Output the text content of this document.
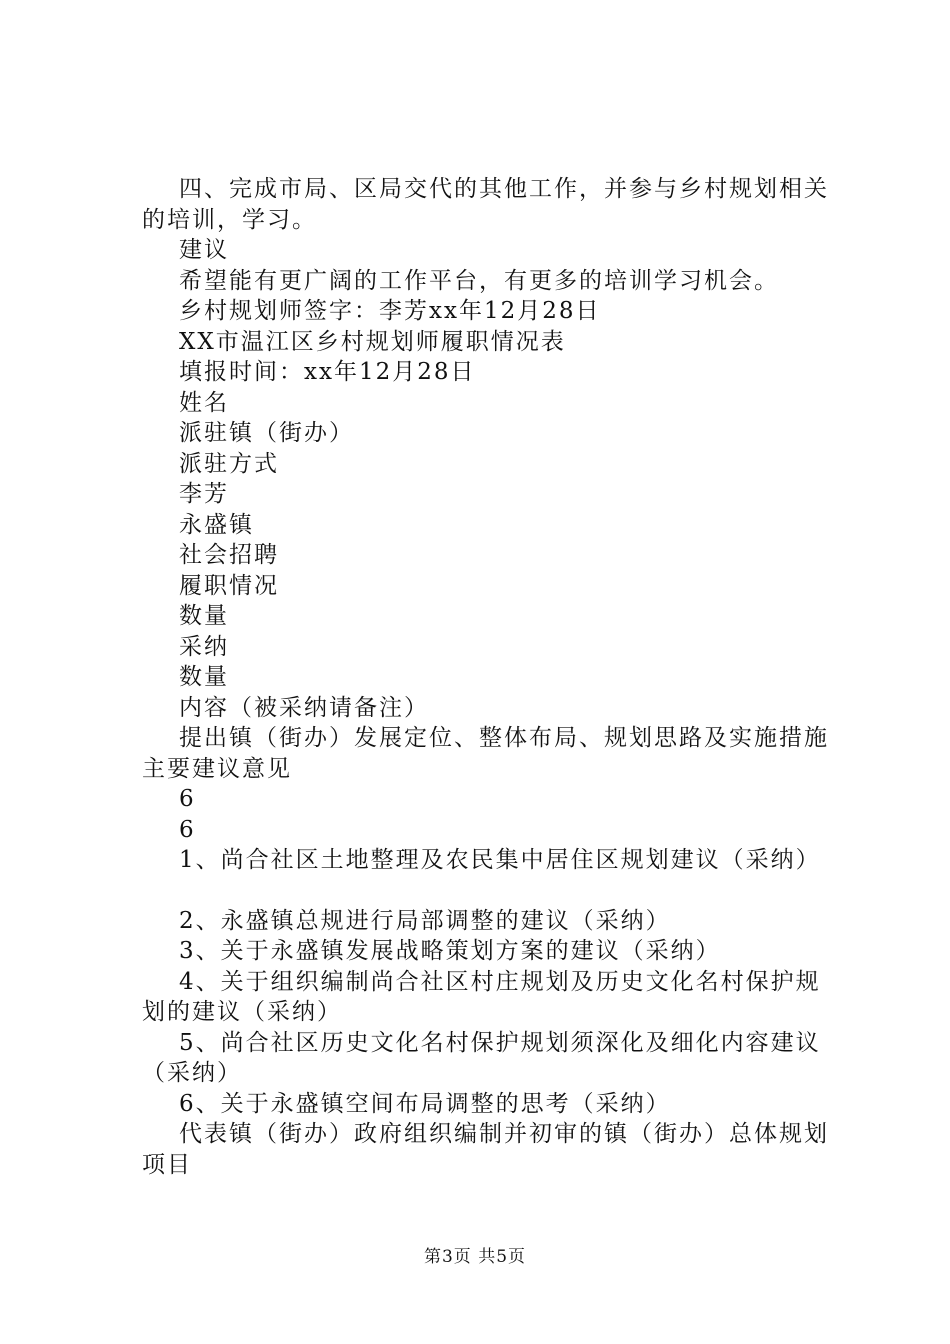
四、完成市局、区局交代的其他工作，并参与乡村规划相关的培训，学习。

建议

希望能有更广阔的工作平台，有更多的培训学习机会。

乡村规划师签字：李芳xx年12月28日

XX市温江区乡村规划师履职情况表

填报时间：xx年12月28日

姓名

派驻镇（街办）

派驻方式

李芳

永盛镇

社会招聘

履职情况

数量

采纳

数量

内容（被采纳请备注）

提出镇（街办）发展定位、整体布局、规划思路及实施措施主要建议意见

6

6

1、尚合社区土地整理及农民集中居住区规划建议（采纳）

2、永盛镇总规进行局部调整的建议（采纳）

3、关于永盛镇发展战略策划方案的建议（采纳）

4、关于组织编制尚合社区村庄规划及历史文化名村保护规划的建议（采纳）

5、尚合社区历史文化名村保护规划须深化及细化内容建议（采纳）

6、关于永盛镇空间布局调整的思考（采纳）

代表镇（街办）政府组织编制并初审的镇（街办）总体规划项目

第3页 共5页
